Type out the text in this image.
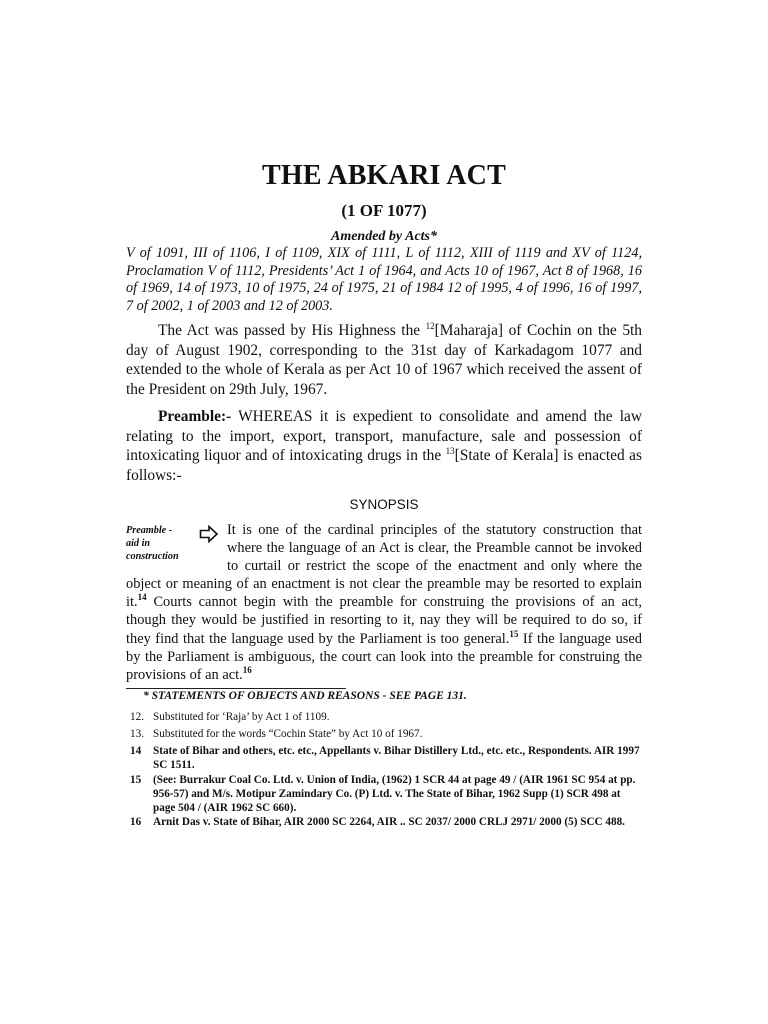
THE ABKARI ACT
(1 OF 1077)
Amended by Acts*
V of 1091, III of 1106, I of 1109, XIX of 1111, L of 1112, XIII of 1119 and XV of 1124, Proclamation V of 1112, Presidents’ Act 1 of 1964, and Acts 10 of 1967, Act 8 of 1968, 16 of 1969, 14 of 1973, 10 of 1975, 24 of 1975, 21 of 1984 12 of 1995, 4 of 1996, 16 of 1997, 7 of 2002, 1 of 2003 and 12 of 2003.
The Act was passed by His Highness the $^{12}$[Maharaja] of Cochin on the 5th day of August 1902, corresponding to the 31st day of Karkadagom 1077 and extended to the whole of Kerala as per Act 10 of 1967 which received the assent of the President on 29th July, 1967.
Preamble:- WHEREAS it is expedient to consolidate and amend the law relating to the import, export, transport, manufacture, sale and possession of intoxicating liquor and of intoxicating drugs in the $^{13}$[State of Kerala] is enacted as follows:-
SYNOPSIS
It is one of the cardinal principles of the statutory construction that where the language of an Act is clear, the Preamble cannot be invoked to curtail or restrict the scope of the enactment and only where the object or meaning of an enactment is not clear the preamble may be resorted to explain it.$^{14}$ Courts cannot begin with the preamble for construing the provisions of an act, though they would be justified in resorting to it, nay they will be required to do so, if they find that the language used by the Parliament is too general.$^{15}$ If the language used by the Parliament is ambiguous, the court can look into the preamble for construing the provisions of an act.$^{16}$
Preamble -
aid in
construction
* STATEMENTS OF OBJECTS AND REASONS - SEE PAGE 131.
12. Substituted for ‘Raja’ by Act 1 of 1109.
13. Substituted for the words “Cochin State” by Act 10 of 1967.
14 State of Bihar and others, etc. etc., Appellants v. Bihar Distillery Ltd., etc. etc., Respondents. AIR 1997 SC 1511.
15 (See: Burrakur Coal Co. Ltd. v. Union of India, (1962) 1 SCR 44 at page 49 / (AIR 1961 SC 954 at pp. 956-57) and M/s. Motipur Zamindary Co. (P) Ltd. v. The State of Bihar, 1962 Supp (1) SCR 498 at page 504 / (AIR 1962 SC 660).
16 Arnit Das v. State of Bihar, AIR 2000 SC 2264, AIR .. SC 2037/ 2000 CRLJ 2971/ 2000 (5) SCC 488.
